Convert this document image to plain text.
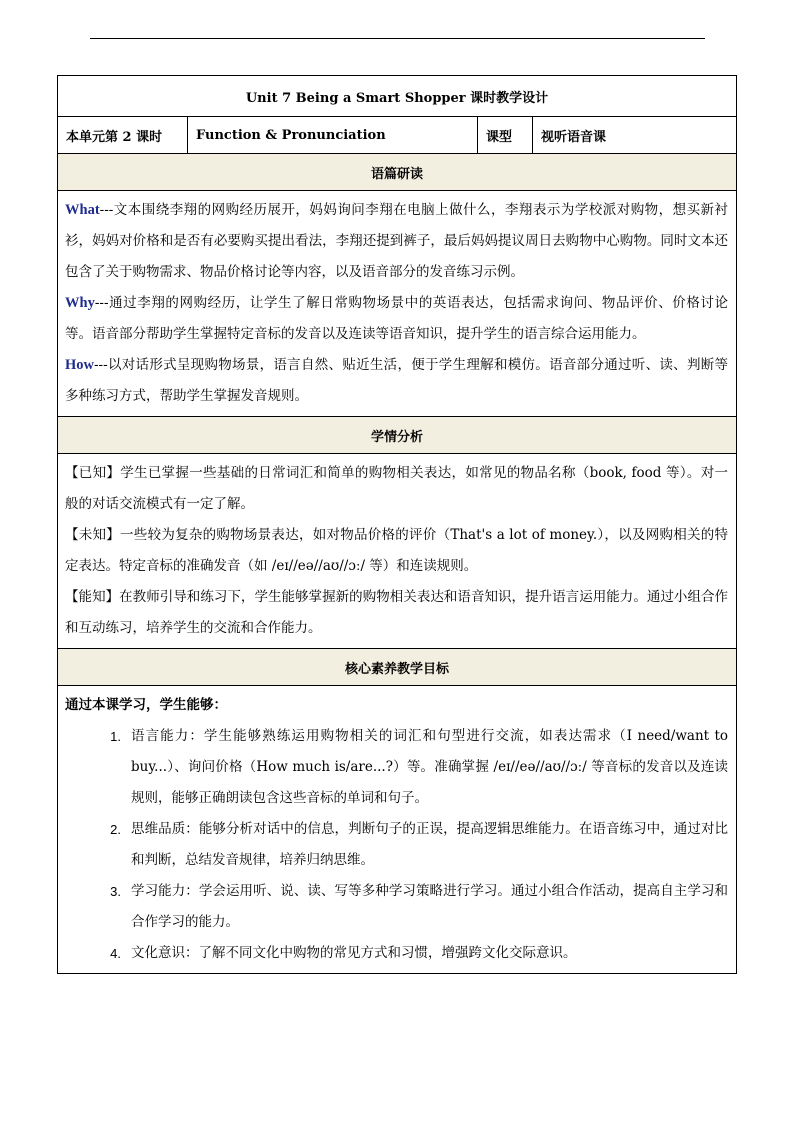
Unit 7 Being a Smart Shopper 课时教学设计
本单元第 2 课时	Function & Pronunciation	课型	视听语音课
语篇研读

What---文本围绕李翔的网购经历展开，妈妈询问李翔在电脑上做什么，李翔表示为学校派对购物，想买新衬衫，妈妈对价格和是否有必要购买提出看法，李翔还提到裤子，最后妈妈提议周日去购物中心购物。同时文本还包含了关于购物需求、物品价格讨论等内容，以及语音部分的发音练习示例。

Why---通过李翔的网购经历，让学生了解日常购物场景中的英语表达，包括需求询问、物品评价、价格讨论等。语音部分帮助学生掌握特定音标的发音以及连读等语音知识，提升学生的语言综合运用能力。

How---以对话形式呈现购物场景，语言自然、贴近生活，便于学生理解和模仿。语音部分通过听、读、判断等多种练习方式，帮助学生掌握发音规则。

学情分析

【已知】学生已掌握一些基础的日常词汇和简单的购物相关表达，如常见的物品名称（book, food 等）。对一般的对话交流模式有一定了解。

【未知】一些较为复杂的购物场景表达，如对物品价格的评价（That's a lot of money.），以及网购相关的特定表达。特定音标的准确发音（如 /eɪ//eə//aʊ//ɔː/ 等）和连读规则。

【能知】在教师引导和练习下，学生能够掌握新的购物相关表达和语音知识，提升语言运用能力。通过小组合作和互动练习，培养学生的交流和合作能力。

核心素养教学目标

通过本课学习，学生能够：

1. 语言能力：学生能够熟练运用购物相关的词汇和句型进行交流，如表达需求（I need/want to buy...）、询问价格（How much is/are...?）等。准确掌握 /eɪ//eə//aʊ//ɔː/ 等音标的发音以及连读规则，能够正确朗读包含这些音标的单词和句子。
2. 思维品质：能够分析对话中的信息，判断句子的正误，提高逻辑思维能力。在语音练习中，通过对比和判断，总结发音规律，培养归纳思维。
3. 学习能力：学会运用听、说、读、写等多种学习策略进行学习。通过小组合作活动，提高自主学习和合作学习的能力。
4. 文化意识：了解不同文化中购物的常见方式和习惯，增强跨文化交际意识。
